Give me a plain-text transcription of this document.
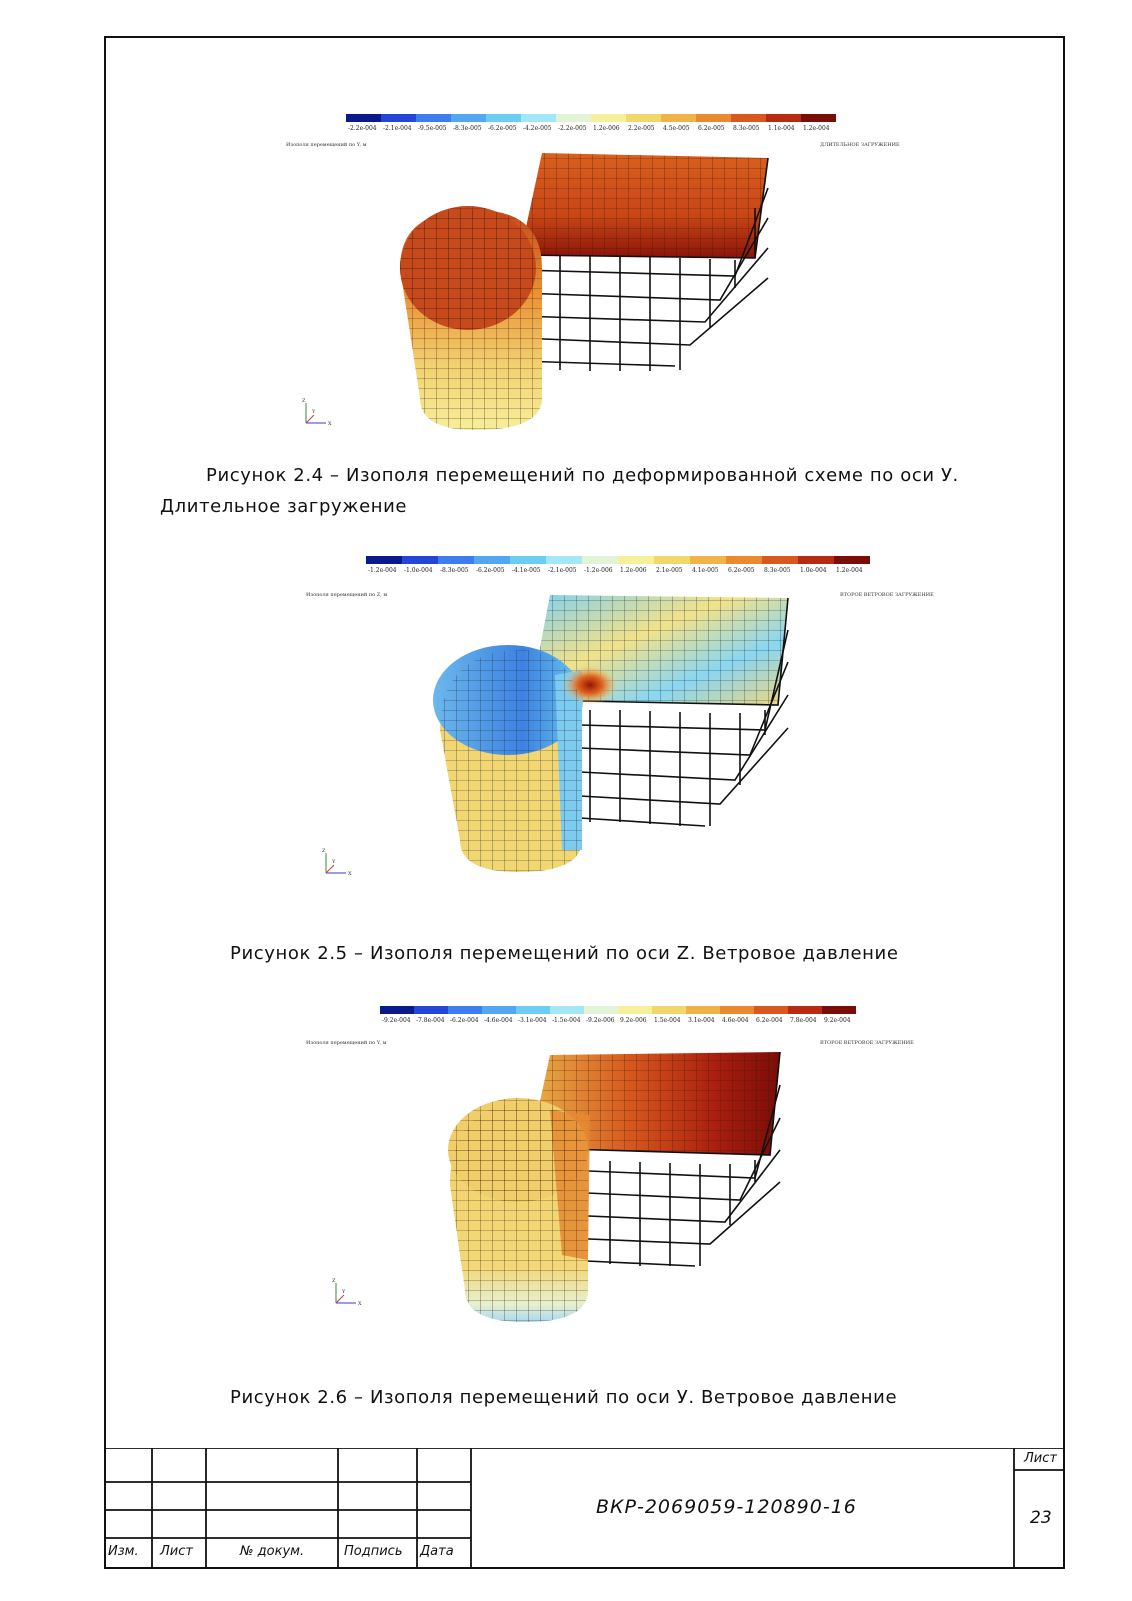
-2.2e-004 -2.1e-004 -9.5e-005 -8.3e-005 -6.2e-005 -4.2e-005 -2.2e-005 1.2e-006 2.2e-005 4.5e-005 6.2e-005 8.3e-005 1.1e-004 1.2e-004
Изополя перемещений по Y, м	ДЛИТЕЛЬНОЕ ЗАГРУЖЕНИЕ
Z
Y
X
Рисунок 2.4 – Изополя перемещений по деформированной схеме по оси У.
Длительное загружение
-1.2e-004 -1.0e-004 -8.3e-005 -6.2e-005 -4.1e-005 -2.1e-005 -1.2e-006 1.2e-006 2.1e-005 4.1e-005 6.2e-005 8.3e-005 1.0e-004 1.2e-004
Изополя перемещений по Z, м	ВТОРОЕ ВЕТРОВОЕ ЗАГРУЖЕНИЕ
Z
Y
X
Рисунок 2.5 – Изополя перемещений по оси Z. Ветровое давление
-9.2e-004 -7.8e-004 -6.2e-004 -4.6e-004 -3.1e-004 -1.5e-004 -9.2e-006 9.2e-006 1.5e-004 3.1e-004 4.6e-004 6.2e-004 7.8e-004 9.2e-004
Изополя перемещений по Y, м	ВТОРОЕ ВЕТРОВОЕ ЗАГРУЖЕНИЕ
Z
Y
X
Рисунок 2.6 – Изополя перемещений по оси У. Ветровое давление
Изм. Лист	№ докум.	Подпись Дата
ВКР-2069059-120890-16
Лист
23
